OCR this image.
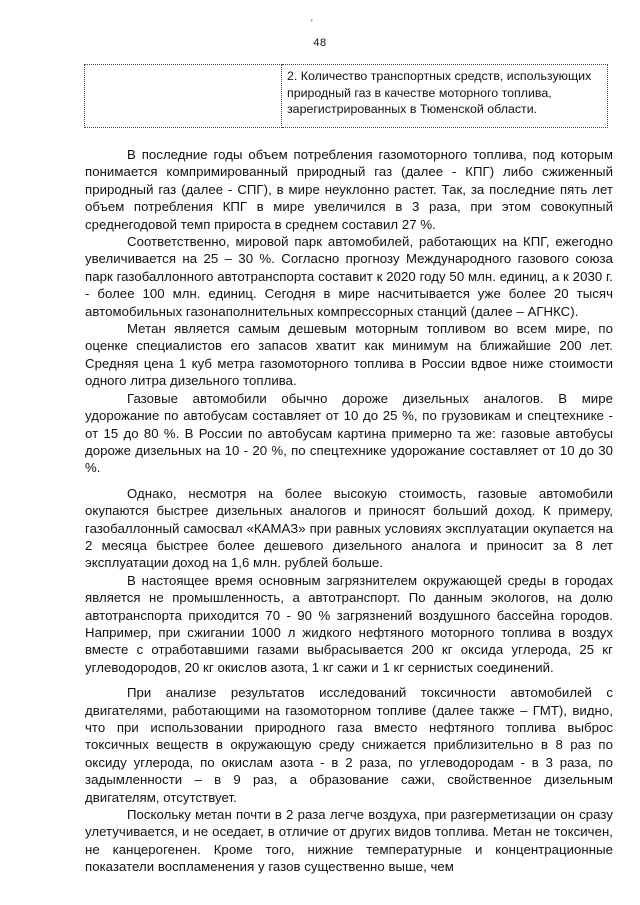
'
48
	2. Количество транспортных средств, использующих природный газ в качестве моторного топлива, зарегистрированных в Тюменской области.

В последние годы объем потребления газомоторного топлива, под которым понимается компримированный природный газ (далее - КПГ) либо сжиженный природный газ (далее - СПГ), в мире неуклонно растет. Так, за последние пять лет объем потребления КПГ в мире увеличился в 3 раза, при этом совокупный среднегодовой темп прироста в среднем составил 27 %.

Соответственно, мировой парк автомобилей, работающих на КПГ, ежегодно увеличивается на 25 – 30 %. Согласно прогнозу Международного газового союза парк газобаллонного автотранспорта составит к 2020 году 50 млн. единиц, а к 2030 г. - более 100 млн. единиц. Сегодня в мире насчитывается уже более 20 тысяч автомобильных газонаполнительных компрессорных станций (далее – АГНКС).

Метан является самым дешевым моторным топливом во всем мире, по оценке специалистов его запасов хватит как минимум на ближайшие 200 лет. Средняя цена 1 куб метра газомоторного топлива в России вдвое ниже стоимости одного литра дизельного топлива.

Газовые автомобили обычно дороже дизельных аналогов. В мире удорожание по автобусам составляет от 10 до 25 %, по грузовикам и спецтехнике - от 15 до 80 %. В России по автобусам картина примерно та же: газовые автобусы дороже дизельных на 10 - 20 %, по спецтехнике удорожание составляет от 10 до 30 %.

Однако, несмотря на более высокую стоимость, газовые автомобили окупаются быстрее дизельных аналогов и приносят больший доход. К примеру, газобаллонный самосвал «КАМАЗ» при равных условиях эксплуатации окупается на 2 месяца быстрее более дешевого дизельного аналога и приносит за 8 лет эксплуатации доход на 1,6 млн. рублей больше.

В настоящее время основным загрязнителем окружающей среды в городах является не промышленность, а автотранспорт. По данным экологов, на долю автотранспорта приходится 70 - 90 % загрязнений воздушного бассейна городов. Например, при сжигании 1000 л жидкого нефтяного моторного топлива в воздух вместе с отработавшими газами выбрасывается 200 кг оксида углерода, 25 кг углеводородов, 20 кг окислов азота, 1 кг сажи и 1 кг сернистых соединений.

При анализе результатов исследований токсичности автомобилей с двигателями, работающими на газомоторном топливе (далее также – ГМТ), видно, что при использовании природного газа вместо нефтяного топлива выброс токсичных веществ в окружающую среду снижается приблизительно в 8 раз по оксиду углерода, по окислам азота - в 2 раза, по углеводородам - в 3 раза, по задымленности – в 9 раз, а образование сажи, свойственное дизельным двигателям, отсутствует.

Поскольку метан почти в 2 раза легче воздуха, при разгерметизации он сразу улетучивается, и не оседает, в отличие от других видов топлива. Метан не токсичен, не канцерогенен. Кроме того, нижние температурные и концентрационные показатели воспламенения у газов существенно выше, чем
